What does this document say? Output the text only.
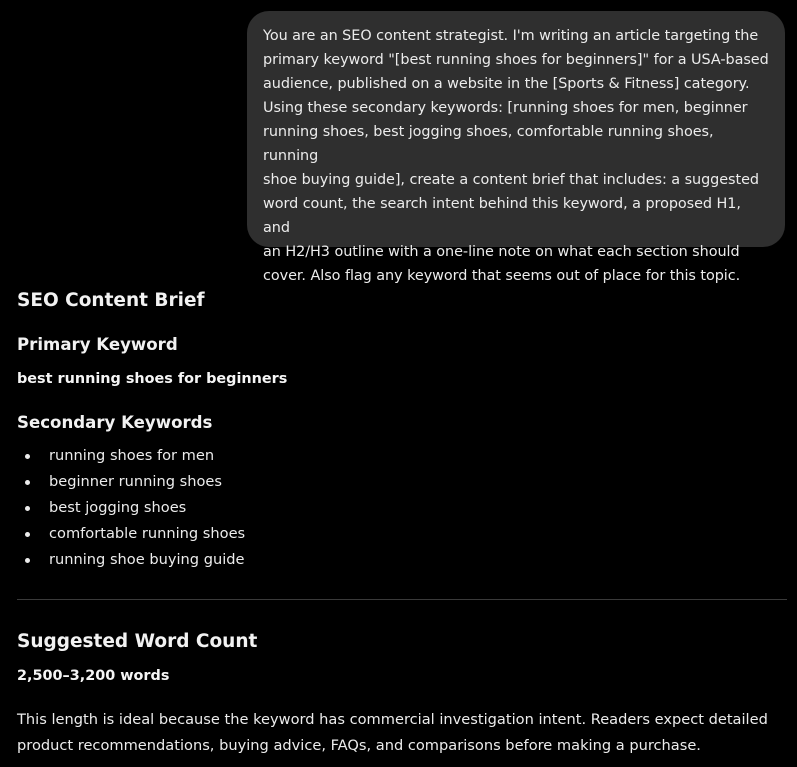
You are an SEO content strategist. I'm writing an article targeting the
primary keyword "[best running shoes for beginners]" for a USA-based
audience, published on a website in the [Sports & Fitness] category.
Using these secondary keywords: [running shoes for men, beginner
running shoes, best jogging shoes, comfortable running shoes, running
shoe buying guide], create a content brief that includes: a suggested
word count, the search intent behind this keyword, a proposed H1, and
an H2/H3 outline with a one-line note on what each section should
cover. Also flag any keyword that seems out of place for this topic.
SEO Content Brief
Primary Keyword
best running shoes for beginners
Secondary Keywords
running shoes for men
beginner running shoes
best jogging shoes
comfortable running shoes
running shoe buying guide
Suggested Word Count
2,500–3,200 words
This length is ideal because the keyword has commercial investigation intent. Readers expect detailed product recommendations, buying advice, FAQs, and comparisons before making a purchase.
